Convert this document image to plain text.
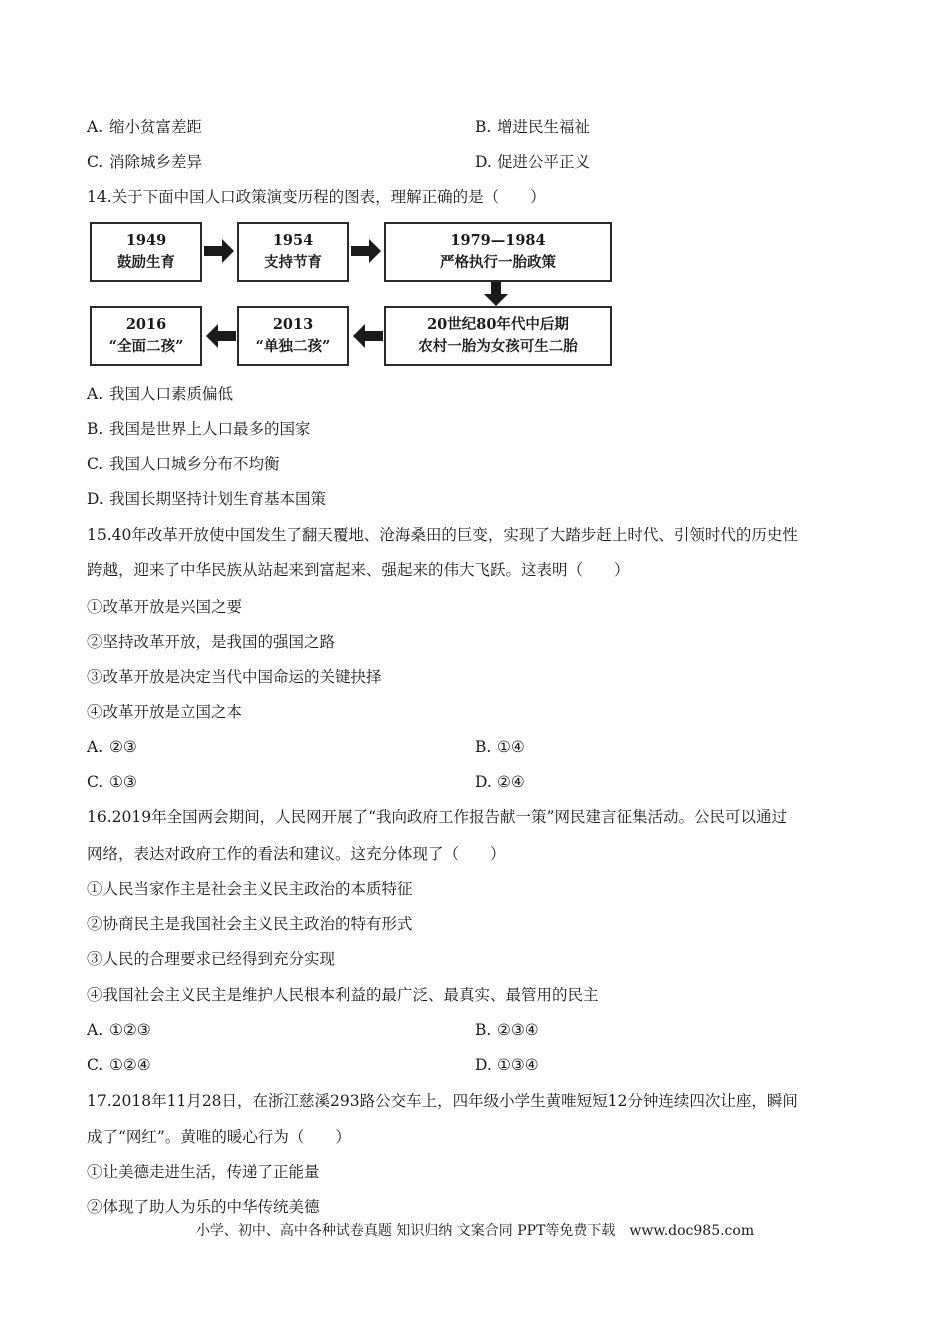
A. 缩小贫富差距	B. 增进民生福祉
C. 消除城乡差异	D. 促进公平正义
14.关于下面中国人口政策演变历程的图表，理解正确的是（　　）
1949
鼓励生育
1954
支持节育
1979—1984
严格执行一胎政策
20世纪80年代中后期
农村一胎为女孩可生二胎
2013
“单独二孩”
2016
“全面二孩”
A. 我国人口素质偏低
B. 我国是世界上人口最多的国家
C. 我国人口城乡分布不均衡
D. 我国长期坚持计划生育基本国策
15.40年改革开放使中国发生了翻天覆地、沧海桑田的巨变，实现了大踏步赶上时代、引领时代的历史性
跨越，迎来了中华民族从站起来到富起来、强起来的伟大飞跃。这表明（　　）
①改革开放是兴国之要
②坚持改革开放，是我国的强国之路
③改革开放是决定当代中国命运的关键抉择
④改革开放是立国之本
A. ②③	B. ①④
C. ①③	D. ②④
16.2019年全国两会期间，人民网开展了“我向政府工作报告献一策”网民建言征集活动。公民可以通过
网络，表达对政府工作的看法和建议。这充分体现了（　　）
①人民当家作主是社会主义民主政治的本质特征
②协商民主是我国社会主义民主政治的特有形式
③人民的合理要求已经得到充分实现
④我国社会主义民主是维护人民根本利益的最广泛、最真实、最管用的民主
A. ①②③	B. ②③④
C. ①②④	D. ①③④
17.2018年11月28日，在浙江慈溪293路公交车上，四年级小学生黄唯短短12分钟连续四次让座，瞬间
成了“网红”。黄唯的暖心行为（　　）
①让美德走进生活，传递了正能量
②体现了助人为乐的中华传统美德
小学、初中、高中各种试卷真题 知识归纳 文案合同 PPT等免费下载　www.doc985.com
